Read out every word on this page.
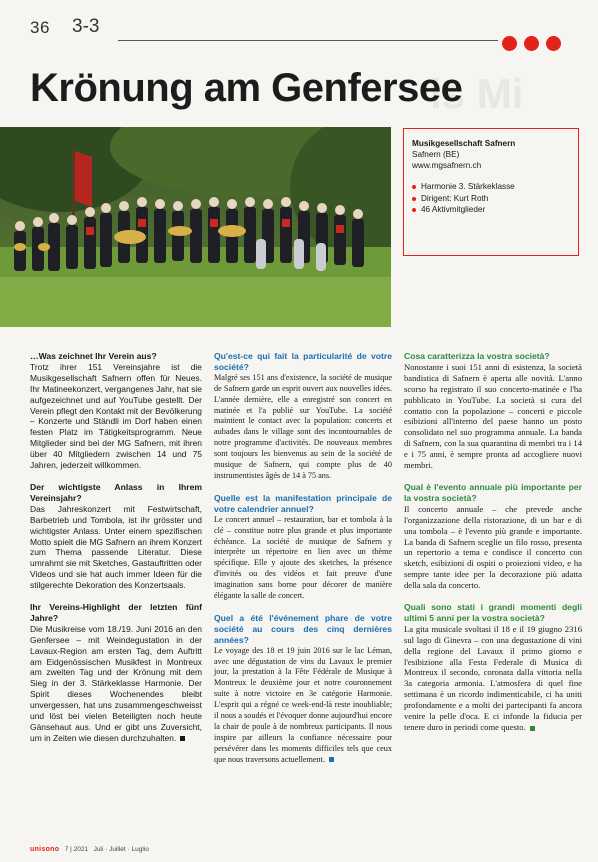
36 3-3
is Mi
Krönung am Genfersee
Musikgesellschaft Safnern
Safnern (BE)
www.mgsafnern.ch
Harmonie 3. Stärkeklasse
Dirigent: Kurt Roth
46 Aktivmitglieder
…Was zeichnet Ihr Verein aus?

Trotz ihrer 151 Vereinsjahre ist die Musikgesellschaft Safnern offen für Neues. Ihr Matineekonzert, vergangenes Jahr, hat sie aufgezeichnet und auf YouTube gestellt. Der Verein pflegt den Kontakt mit der Bevölkerung – Konzerte und Ständli im Dorf haben einen festen Platz im Tätigkeitsprogramm. Neue Mitglieder sind bei der MG Safnern, mit ihren über 40 Mitgliedern zwischen 14 und 75 Jahren, jederzeit willkommen.

Der wichtigste Anlass in Ihrem Vereinsjahr?

Das Jahreskonzert mit Festwirtschaft, Barbetrieb und Tombola, ist ihr grösster und wichtigster Anlass. Unter einem spezifischen Motto spielt die MG Safnern an ihrem Konzert zum Thema passende Literatur. Diese umrahmt sie mit Sketches, Gastauftritten oder Videos und sie hat auch immer Ideen für die stilgerechte Dekoration des Konzertsaals.

Ihr Vereins-Highlight der letzten fünf Jahre?

Die Musikreise vom 18./19. Juni 2016 an den Genfersee – mit Weindegustation in der Lavaux-Region am ersten Tag, dem Auftritt am Eidgenössischen Musikfest in Montreux am zweiten Tag und der Krönung mit dem Sieg in der 3. Stärkeklasse Harmonie. Der Spirit dieses Wochenendes bleibt unvergessen, hat uns zusammengeschweisst und löst bei vielen Beteiligten noch heute Gänsehaut aus. Und er gibt uns Zuversicht, um in Zeiten wie diesen durchzuhalten.

Qu'est-ce qui fait la particularité de votre société?

Malgré ses 151 ans d'existence, la société de musique de Safnern garde un esprit ouvert aux nouvelles idées. L'année dernière, elle a enregistré son concert en matinée et l'a publié sur YouTube. La société maintient le contact avec la population: concerts et aubades dans le village sont des incontournables de notre programme d'activités. De nouveaux membres sont toujours les bienvenus au sein de la société de musique de Safnern, qui compte plus de 40 instrumentistes âgés de 14 à 75 ans.

Quelle est la manifestation principale de votre calendrier annuel?

Le concert annuel – restauration, bar et tombola à la clé – constitue notre plus grande et plus importante échéance. La société de musique de Safnern y interprète un répertoire en lien avec un thème spécifique. Elle y ajoute des sketches, la présence d'invités ou des vidéos et fait preuve d'une imagination sans borne pour décorer de manière élégante la salle de concert.

Quel a été l'événement phare de votre société au cours des cinq dernières années?

Le voyage des 18 et 19 juin 2016 sur le lac Léman, avec une dégustation de vins du Lavaux le premier jour, la prestation à la Fête Fédérale de Musique à Montreux le deuxième jour et notre couronnement suite à notre victoire en 3e catégorie Harmonie. L'esprit qui a régné ce week-end-là reste inoubliable; il nous a soudés et l'évoquer donne aujourd'hui encore la chair de poule à de nombreux participants. Il nous inspire par ailleurs la confiance nécessaire pour persévérer dans les moments difficiles tels que ceux que nous traversons actuellement.

Cosa caratterizza la vostra società?

Nonostante i suoi 151 anni di esistenza, la società bandistica di Safnern è aperta alle novità. L'anno scorso ha registrato il suo concerto-matinée e l'ha pubblicato in YouTube. La società si cura del contatto con la popolazione – concerti e piccole esibizioni all'interno del paese hanno un posto consolidato nel suo programma annuale. La banda di Safnern, con la sua quarantina di membri tra i 14 e i 75 anni, è sempre pronta ad accogliere nuovi membri.

Qual è l'evento annuale più importante per la vostra società?

Il concerto annuale – che prevede anche l'organizzazione della ristorazione, di un bar e di una tombola – è l'evento più grande e importante. La banda di Safnern sceglie un filo rosso, presenta un repertorio a tema e condisce il concerto con sketch, esibizioni di ospiti o proiezioni video, e ha sempre tante idee per la decorazione più adatta della sala da concerto.

Quali sono stati i grandi momenti degli ultimi 5 anni per la vostra società?

La gita musicale svoltasi il 18 e il 19 giugno 2316 sul lago di Ginevra – con una degustazione di vini della regione del Lavaux il primo giorno e l'esibizione alla Festa Federale di Musica di Montreux il secondo, coronata dalla vittoria nella 3a categoria armonia. L'atmosfera di quel fine settimana è un ricordo indimenticabile, ci ha uniti profondamente e a molti dei partecipanti fa ancora venire la pelle d'oca. E ci infonde la fiducia per tenere duro in periodi come questo.

unisono 7 | 2021 Juli · Juillet · Luglio
